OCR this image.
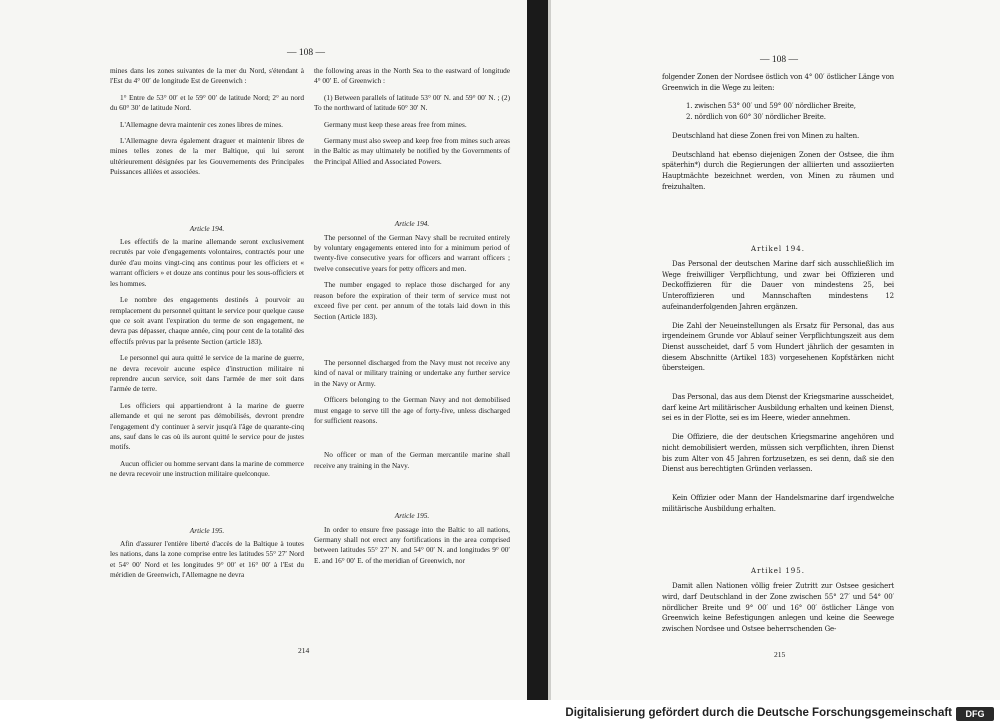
— 108 —
214

mines dans les zones suivantes de la mer du Nord, s'étendant à l'Est du 4° 00′ de longitude Est de Greenwich :

1° Entre de 53° 00′ et le 59° 00′ de latitude Nord; 2° au nord du 60° 30′ de latitude Nord.

L'Allemagne devra maintenir ces zones libres de mines.

L'Allemagne devra également draguer et maintenir libres de mines telles zones de la mer Baltique, qui lui seront ultérieurement désignées par les Gouvernements des Principales Puissances alliées et associées.

Article 194.

Les effectifs de la marine allemande seront exclusivement recrutés par voie d'engagements volontaires, contractés pour une durée d'au moins vingt-cinq ans continus pour les officiers et « warrant officiers » et douze ans continus pour les sous-officiers et les hommes.

Le nombre des engagements destinés à pourvoir au remplacement du personnel quittant le service pour quelque cause que ce soit avant l'expiration du terme de son engagement, ne devra pas dépasser, chaque année, cinq pour cent de la totalité des effectifs prévus par la présente Section (article 183).

Le personnel qui aura quitté le service de la marine de guerre, ne devra recevoir aucune espèce d'instruction militaire ni reprendre aucun service, soit dans l'armée de mer soit dans l'armée de terre.

Les officiers qui appartiendront à la marine de guerre allemande et qui ne seront pas démobilisés, devront prendre l'engagement d'y continuer à servir jusqu'à l'âge de quarante-cinq ans, sauf dans le cas où ils auront quitté le service pour de justes motifs.

Aucun officier ou homme servant dans la marine de commerce ne devra recevoir une instruction militaire quelconque.

Article 195.

Afin d'assurer l'entière liberté d'accès de la Baltique à toutes les nations, dans la zone comprise entre les latitudes 55° 27′ Nord et 54° 00′ Nord et les longitudes 9° 00′ et 16° 00′ à l'Est du méridien de Greenwich, l'Allemagne ne devra

the following areas in the North Sea to the eastward of longitude 4° 00′ E. of Greenwich :

(1) Between parallels of latitude 53° 00′ N. and 59° 00′ N. ; (2) To the northward of latitude 60° 30′ N.

Germany must keep these areas free from mines.

Germany must also sweep and keep free from mines such areas in the Baltic as may ultimately be notified by the Governments of the Principal Allied and Associated Powers.

Article 194.

The personnel of the German Navy shall be recruited entirely by voluntary engagements entered into for a minimum period of twenty-five consecutive years for officers and warrant officers ; twelve consecutive years for petty officers and men.

The number engaged to replace those discharged for any reason before the expiration of their term of service must not exceed five per cent. per annum of the totals laid down in this Section (Article 183).

The personnel discharged from the Navy must not receive any kind of naval or military training or undertake any further service in the Navy or Army.

Officers belonging to the German Navy and not demobilised must engage to serve till the age of forty-five, unless discharged for sufficient reasons.

No officer or man of the German mercantile marine shall receive any training in the Navy.

Article 195.

In order to ensure free passage into the Baltic to all nations, Germany shall not erect any fortifications in the area comprised between latitudes 55° 27′ N. and 54° 00′ N. and longitudes 9° 00′ E. and 16° 00′ E. of the meridian of Greenwich, nor

— 108 —
215

folgender Zonen der Nordsee östlich von 4° 00′ östlicher Länge von Greenwich in die Wege zu leiten:

1. zwischen 53° 00′ und 59° 00′ nördlicher Breite,
2. nördlich von 60° 30′ nördlicher Breite.

Deutschland hat diese Zonen frei von Minen zu halten.

Deutschland hat ebenso diejenigen Zonen der Ostsee, die ihm späterhin*) durch die Regierungen der alliierten und assoziierten Hauptmächte bezeichnet werden, von Minen zu räumen und freizuhalten.

Artikel 194.

Das Personal der deutschen Marine darf sich ausschließlich im Wege freiwilliger Verpflichtung, und zwar bei Offizieren und Deckoffizieren für die Dauer von mindestens 25, bei Unteroffizieren und Mannschaften mindestens 12 aufeinanderfolgenden Jahren ergänzen.

Die Zahl der Neueinstellungen als Ersatz für Personal, das aus irgendeinem Grunde vor Ablauf seiner Verpflichtungszeit aus dem Dienst ausscheidet, darf 5 vom Hundert jährlich der gesamten in diesem Abschnitte (Artikel 183) vorgesehenen Kopfstärken nicht übersteigen.

Das Personal, das aus dem Dienst der Kriegsmarine ausscheidet, darf keine Art militärischer Ausbildung erhalten und keinen Dienst, sei es in der Flotte, sei es im Heere, wieder annehmen.

Die Offiziere, die der deutschen Kriegsmarine angehören und nicht demobilisiert werden, müssen sich verpflichten, ihren Dienst bis zum Alter von 45 Jahren fortzusetzen, es sei denn, daß sie den Dienst aus berechtigten Gründen verlassen.

Kein Offizier oder Mann der Handelsmarine darf irgendwelche militärische Ausbildung erhalten.

Artikel 195.

Damit allen Nationen völlig freier Zutritt zur Ostsee gesichert wird, darf Deutschland in der Zone zwischen 55° 27′ und 54° 00′ nördlicher Breite und 9° 00′ und 16° 00′ östlicher Länge von Greenwich keine Befestigungen anlegen und keine die Seewege zwischen Nordsee und Ostsee beherrschenden Ge-

Digitalisierung gefördert durch die Deutsche Forschungsgemeinschaft	DFG
